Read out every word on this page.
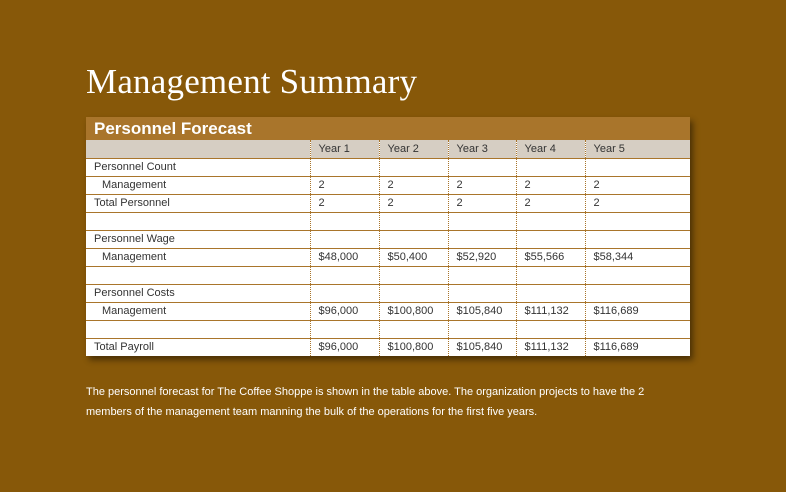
Management Summary
Personnel Forecast
	Year 1	Year 2	Year 3	Year 4	Year 5
Personnel Count					
Management	2	2	2	2	2
Total Personnel	2	2	2	2	2

Personnel Wage					
Management	$48,000	$50,400	$52,920	$55,566	$58,344

Personnel Costs					
Management	$96,000	$100,800	$105,840	$111,132	$116,689

Total Payroll	$96,000	$100,800	$105,840	$111,132	$116,689
The personnel forecast for The Coffee Shoppe is shown in the table above. The organization projects to have the 2 members of the management team manning the bulk of the operations for the first five years.
